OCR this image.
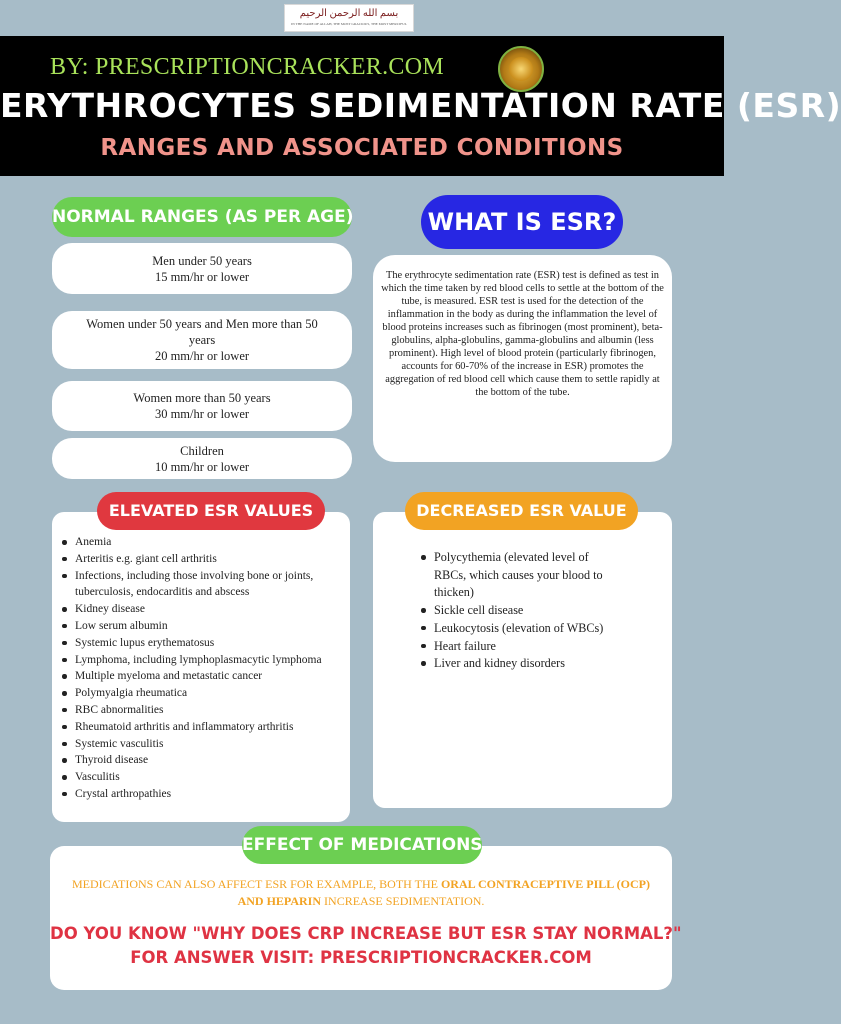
بسم الله الرحمن الرحيم
IN THE NAME OF ALLAH, THE MOST GRACIOUS, THE MOST MERCIFUL
BY: PRESCRIPTIONCRACKER.COM
ERYTHROCYTES SEDIMENTATION RATE (ESR)
RANGES AND ASSOCIATED CONDITIONS
NORMAL RANGES (AS PER AGE)
Men under 50 years
15 mm/hr or lower
Women under 50 years and Men more than 50 years
20 mm/hr or lower
Women more than 50 years
30 mm/hr or lower
Children
10 mm/hr or lower
WHAT IS ESR?
The erythrocyte sedimentation rate (ESR) test is defined as test in which the time taken by red blood cells to settle at the bottom of the tube, is measured. ESR test is used for the detection of the inflammation in the body as during the inflammation the level of blood proteins increases such as fibrinogen (most prominent), beta-globulins, alpha-globulins, gamma-globulins and albumin (less prominent). High level of blood protein (particularly fibrinogen, accounts for 60-70% of the increase in ESR) promotes the aggregation of red blood cell which cause them to settle rapidly at the bottom of the tube.
Anemia
Arteritis e.g. giant cell arthritis
Infections, including those involving bone or joints, tuberculosis, endocarditis and abscess
Kidney disease
Low serum albumin
Systemic lupus erythematosus
Lymphoma, including lymphoplasmacytic lymphoma
Multiple myeloma and metastatic cancer
Polymyalgia rheumatica
RBC abnormalities
Rheumatoid arthritis and inflammatory arthritis
Systemic vasculitis
Thyroid disease
Vasculitis
Crystal arthropathies
ELEVATED ESR VALUES
Polycythemia (elevated level of RBCs, which causes your blood to thicken)
Sickle cell disease
Leukocytosis (elevation of WBCs)
Heart failure
Liver and kidney disorders
DECREASED ESR VALUE
EFFECT OF MEDICATIONS
MEDICATIONS CAN ALSO AFFECT ESR FOR EXAMPLE, BOTH THE ORAL CONTRACEPTIVE PILL (OCP) AND HEPARIN INCREASE SEDIMENTATION.
DO YOU KNOW "WHY DOES CRP INCREASE BUT ESR STAY NORMAL?"
FOR ANSWER VISIT: PRESCRIPTIONCRACKER.COM
